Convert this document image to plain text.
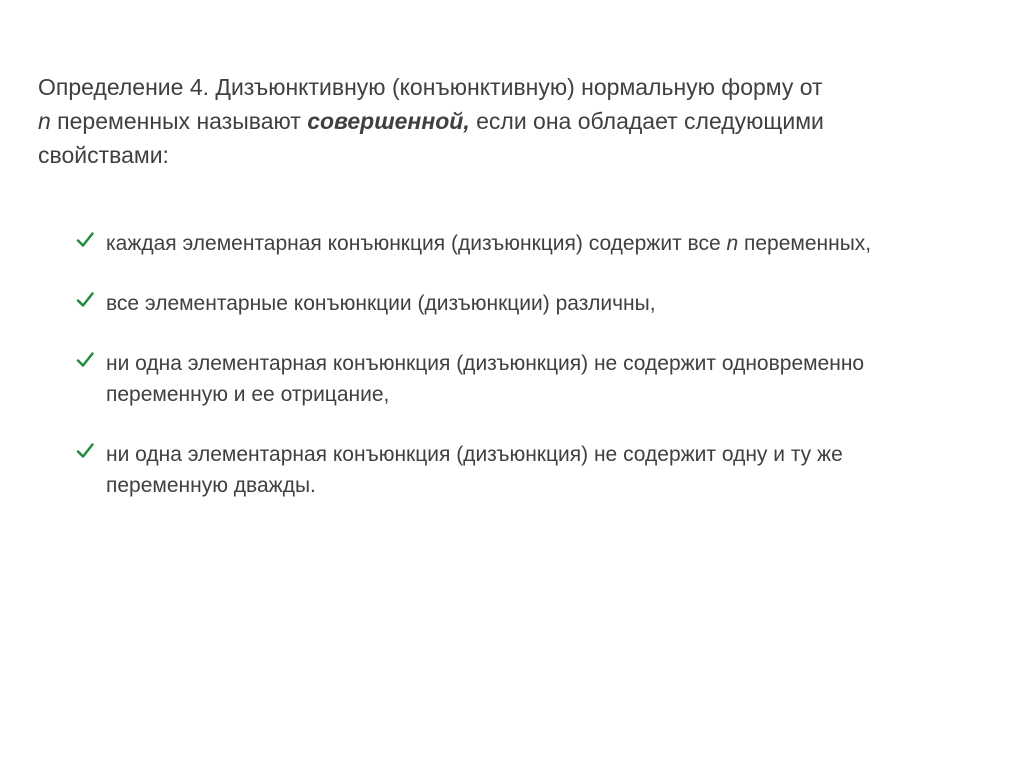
Определение 4. Дизъюнктивную (конъюнктивную) нормальную форму от
n переменных называют совершенной, если она обладает следующими
свойствами:
каждая элементарная конъюнкция (дизъюнкция) содержит все n переменных,
все элементарные конъюнкции (дизъюнкции) различны,
ни одна элементарная конъюнкция (дизъюнкция) не содержит одновременно
переменную и ее отрицание,
ни одна элементарная конъюнкция (дизъюнкция) не содержит одну и ту же
переменную дважды.
